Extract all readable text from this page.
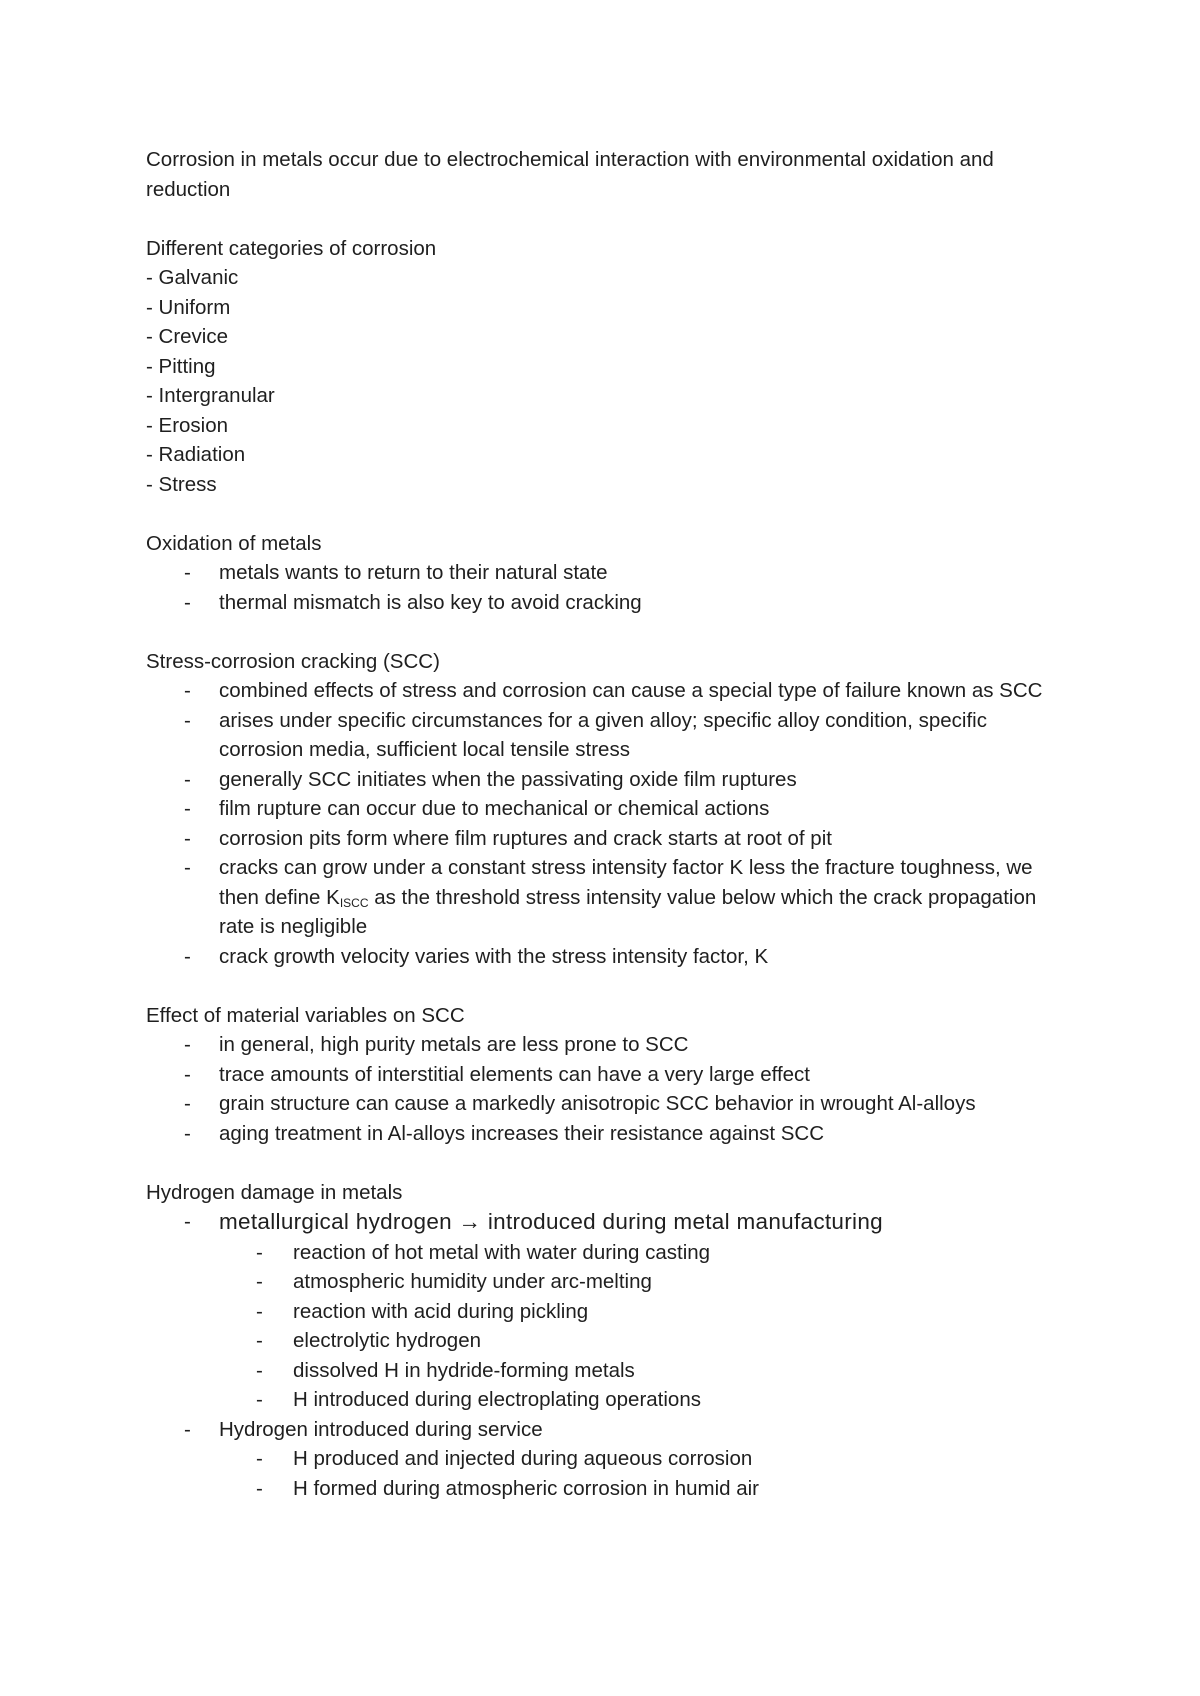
Corrosion in metals occur due to electrochemical interaction with environmental oxidation and reduction

Different categories of corrosion

- Galvanic
- Uniform
- Crevice
- Pitting
- Intergranular
- Erosion
- Radiation
- Stress

Oxidation of metals

- metals wants to return to their natural state
- thermal mismatch is also key to avoid cracking

Stress-corrosion cracking (SCC)

- combined effects of stress and corrosion can cause a special type of failure known as SCC
- arises under specific circumstances for a given alloy; specific alloy condition, specific corrosion media, sufficient local tensile stress
- generally SCC initiates when the passivating oxide film ruptures
- film rupture can occur due to mechanical or chemical actions
- corrosion pits form where film ruptures and crack starts at root of pit
- cracks can grow under a constant stress intensity factor K less the fracture toughness, we then define $K_{ISCC}$ as the threshold stress intensity value below which the crack propagation rate is negligible
- crack growth velocity varies with the stress intensity factor, K

Effect of material variables on SCC

- in general, high purity metals are less prone to SCC
- trace amounts of interstitial elements can have a very large effect
- grain structure can cause a markedly anisotropic SCC behavior in wrought Al-alloys
- aging treatment in Al-alloys increases their resistance against SCC

Hydrogen damage in metals

- metallurgical hydrogen → introduced during metal manufacturing
- reaction of hot metal with water during casting
- atmospheric humidity under arc-melting
- reaction with acid during pickling
- electrolytic hydrogen
- dissolved H in hydride-forming metals
- H introduced during electroplating operations
- Hydrogen introduced during service
- H produced and injected during aqueous corrosion
- H formed during atmospheric corrosion in humid air
